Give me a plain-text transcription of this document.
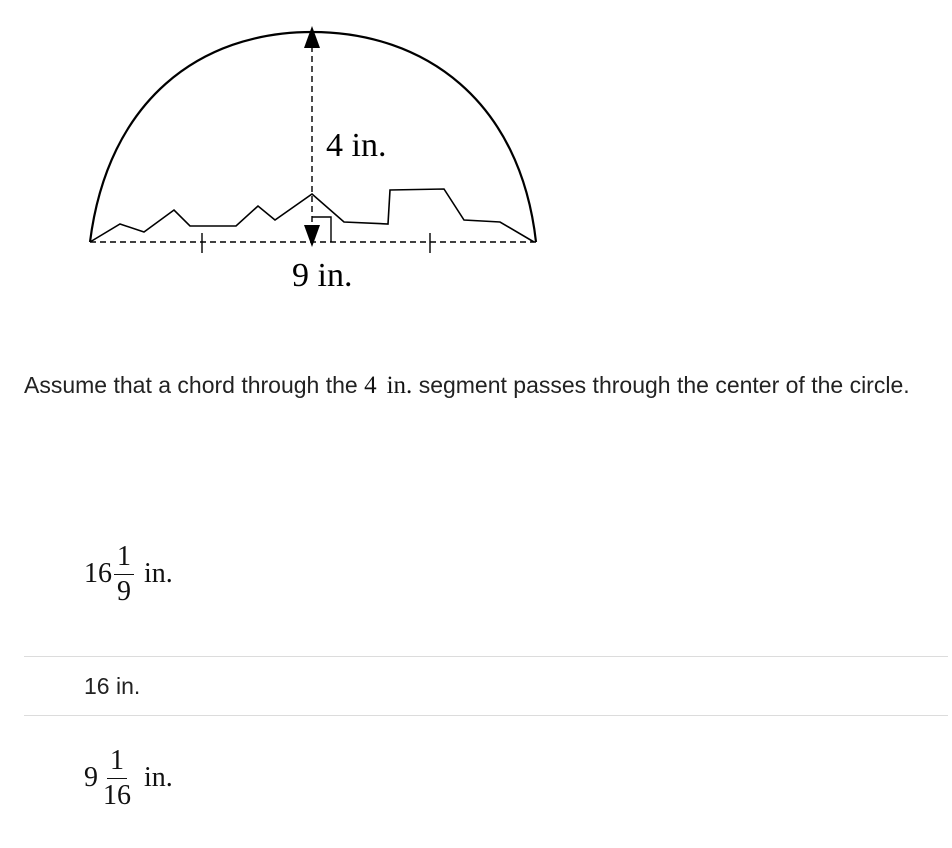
4 in.
9 in.
Assume that a chord through the 4 in. segment passes through the center of the circle.
$16 \frac{1}{9}$ in.
16 in.
$9 \frac{1}{16}$ in.
